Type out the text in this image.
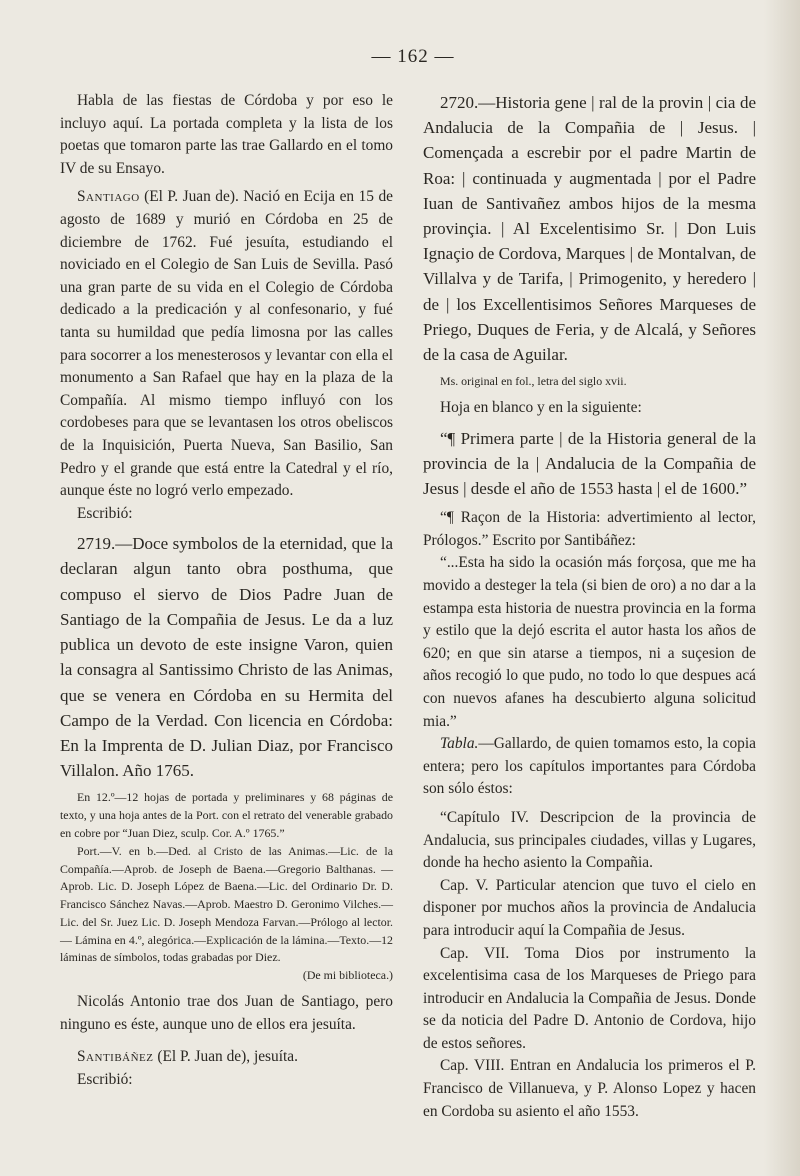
— 162 —

Habla de las fiestas de Córdoba y por eso le incluyo aquí. La portada completa y la lista de los poetas que tomaron parte las trae Gallardo en el tomo IV de su Ensayo.

Santiago (El P. Juan de). Nació en Ecija en 15 de agosto de 1689 y murió en Córdoba en 25 de diciembre de 1762. Fué jesuíta, estudiando el noviciado en el Colegio de San Luis de Sevilla. Pasó una gran parte de su vida en el Colegio de Córdoba dedicado a la predicación y al confesonario, y fué tanta su humildad que pedía limosna por las calles para socorrer a los menesterosos y levantar con ella el monumento a San Rafael que hay en la plaza de la Compañía. Al mismo tiempo influyó con los cordobeses para que se levantasen los otros obeliscos de la Inquisición, Puerta Nueva, San Basilio, San Pedro y el grande que está entre la Catedral y el río, aunque éste no logró verlo empezado.

Escribió:

2719.—Doce symbolos de la eternidad, que la declaran algun tanto obra posthuma, que compuso el siervo de Dios Padre Juan de Santiago de la Compañia de Jesus. Le da a luz publica un devoto de este insigne Varon, quien la consagra al Santissimo Christo de las Animas, que se venera en Córdoba en su Hermita del Campo de la Verdad. Con licencia en Córdoba: En la Imprenta de D. Julian Diaz, por Francisco Villalon. Año 1765.

En 12.º—12 hojas de portada y preliminares y 68 páginas de texto, y una hoja antes de la Port. con el retrato del venerable grabado en cobre por “Juan Diez, sculp. Cor. A.º 1765.”

Port.—V. en b.—Ded. al Cristo de las Animas.—Lic. de la Compañía.—Aprob. de Joseph de Baena.—Gregorio Balthanas. — Aprob. Lic. D. Joseph López de Baena.—Lic. del Ordinario Dr. D. Francisco Sánchez Navas.—Aprob. Maestro D. Geronimo Vilches.—Lic. del Sr. Juez Lic. D. Joseph Mendoza Farvan.—Prólogo al lector. — Lámina en 4.º, alegórica.—Explicación de la lámina.—Texto.—12 láminas de símbolos, todas grabadas por Diez.

(De mi biblioteca.)

Nicolás Antonio trae dos Juan de Santiago, pero ninguno es éste, aunque uno de ellos era jesuíta.

Santibáñez (El P. Juan de), jesuíta.

Escribió:

2720.—Historia gene | ral de la provin | cia de Andalucia de la Compañia de | Jesus. | Començada a escrebir por el padre Martin de Roa: | continuada y augmentada | por el Padre Iuan de Santivañez ambos hijos de la mesma provinçia. | Al Excelentisimo Sr. | Don Luis Ignaçio de Cordova, Marques | de Montalvan, de Villalva y de Tarifa, | Primogenito, y heredero | de | los Excellentisimos Señores Marqueses de Priego, Duques de Feria, y de Alcalá, y Señores de la casa de Aguilar.

Ms. original en fol., letra del siglo xvii.

Hoja en blanco y en la siguiente:

“¶ Primera parte | de la Historia general de la provincia de la | Andalucia de la Compañia de Jesus | desde el año de 1553 hasta | el de 1600.”

“¶ Raçon de la Historia: advertimiento al lector, Prólogos.” Escrito por Santibáñez:

“...Esta ha sido la ocasión más forçosa, que me ha movido a desteger la tela (si bien de oro) a no dar a la estampa esta historia de nuestra provincia en la forma y estilo que la dejó escrita el autor hasta los años de 620; en que sin atarse a tiempos, ni a suçesion de años recogió lo que pudo, no todo lo que despues acá con nuevos afanes ha descubierto alguna solicitud mia.”

Tabla.—Gallardo, de quien tomamos esto, la copia entera; pero los capítulos importantes para Córdoba son sólo éstos:

“Capítulo IV. Descripcion de la provincia de Andalucia, sus principales ciudades, villas y Lugares, donde ha hecho asiento la Compañia.

Cap. V. Particular atencion que tuvo el cielo en disponer por muchos años la provincia de Andalucia para introducir aquí la Compañia de Jesus.

Cap. VII. Toma Dios por instrumento la excelentisima casa de los Marqueses de Priego para introducir en Andalucia la Compañia de Jesus. Donde se da noticia del Padre D. Antonio de Cordova, hijo de estos señores.

Cap. VIII. Entran en Andalucia los primeros el P. Francisco de Villanueva, y P. Alonso Lopez y hacen en Cordoba su asiento el año 1553.
